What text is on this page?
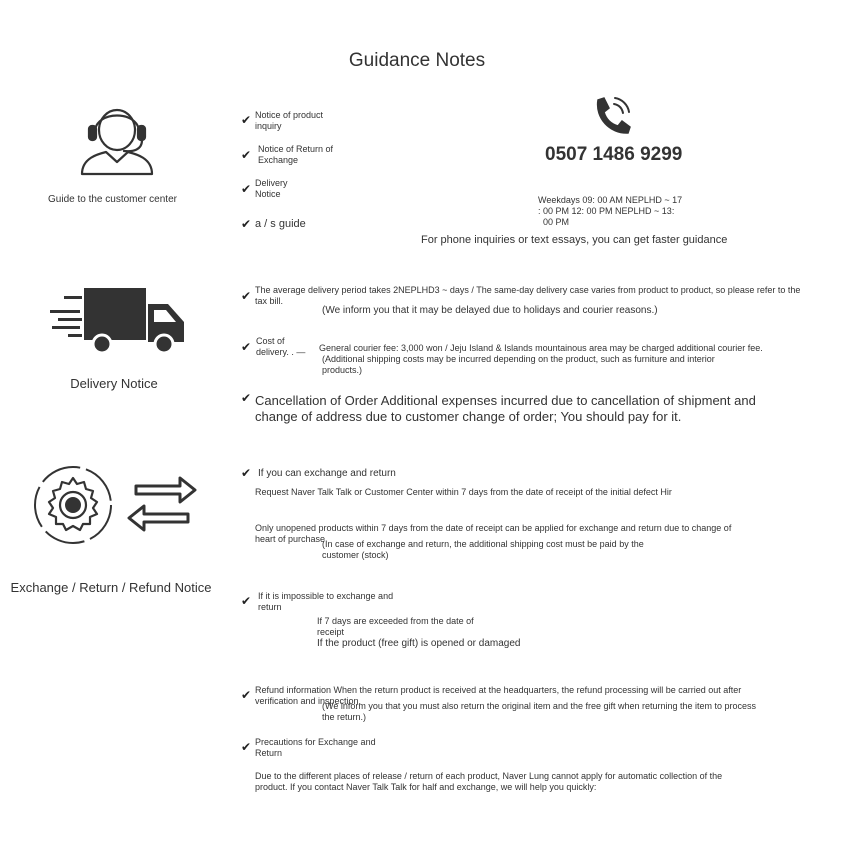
Guidance Notes
Guide to the customer center
✔ Notice of product inquiry
✔ Notice of Return of Exchange
✔ Delivery Notice
✔ a / s guide
0507 1486 9299
Weekdays 09: 00 AM NEPLHD ~ 17
: 00 PM 12: 00 PM NEPLHD ~ 13:
00 PM
For phone inquiries or text essays, you can get faster guidance
Delivery Notice
✔ The average delivery period takes 2NEPLHD3 ~ days / The same-day delivery case varies from product to product, so please refer to the tax bill.
(We inform you that it may be delayed due to holidays and courier reasons.)
✔ Cost of delivery. . —	General courier fee: 3,000 won / Jeju Island & Islands mountainous area may be charged additional courier fee.
(Additional shipping costs may be incurred depending on the product, such as furniture and interior products.)
✔ Cancellation of Order Additional expenses incurred due to cancellation of shipment and change of address due to customer change of order; You should pay for it.
Exchange / Return / Refund Notice
✔ If you can exchange and return
Request Naver Talk Talk or Customer Center within 7 days from the date of receipt of the initial defect Hir
Only unopened products within 7 days from the date of receipt can be applied for exchange and return due to change of heart of purchase
(In case of exchange and return, the additional shipping cost must be paid by the customer (stock)
✔ If it is impossible to exchange and return
If 7 days are exceeded from the date of receipt
If the product (free gift) is opened or damaged
✔ Refund information When the return product is received at the headquarters, the refund processing will be carried out after verification and inspection.
(We inform you that you must also return the original item and the free gift when returning the item to process the return.)
✔ Precautions for Exchange and Return
Due to the different places of release / return of each product, Naver Lung cannot apply for automatic collection of the product. If you contact Naver Talk Talk for half and exchange, we will help you quickly:
